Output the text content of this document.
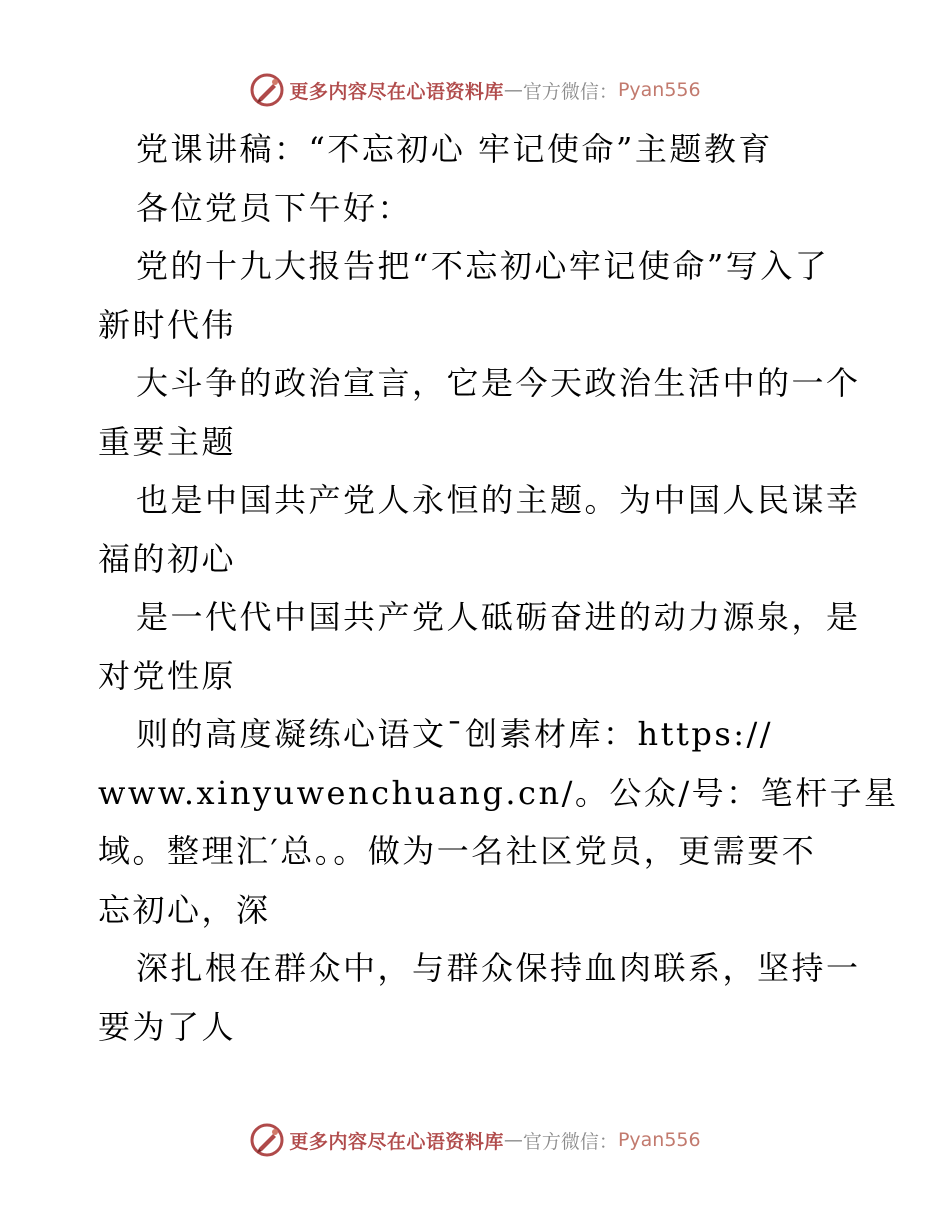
更多内容尽在心语资料库 — 官方微信： Pyan556
党课讲稿：“不忘初心 牢记使命”主题教育
各位党员下午好：
党的十九大报告把“不忘初心牢记使命”写入了
新时代伟
大斗争的政治宣言，它是今天政治生活中的一个
重要主题
也是中国共产党人永恒的主题。为中国人民谋幸
福的初心
是一代代中国共产党人砥砺奋进的动力源泉，是
对党性原
则的高度凝练心语文¯创素材库：https://
www.xinyuwenchuang.cn/。公众/号：笔杆子星
域。整理汇′总。。做为一名社区党员，更需要不
忘初心，深
深扎根在群众中，与群众保持血肉联系，坚持一
要为了人
更多内容尽在心语资料库 — 官方微信： Pyan556
